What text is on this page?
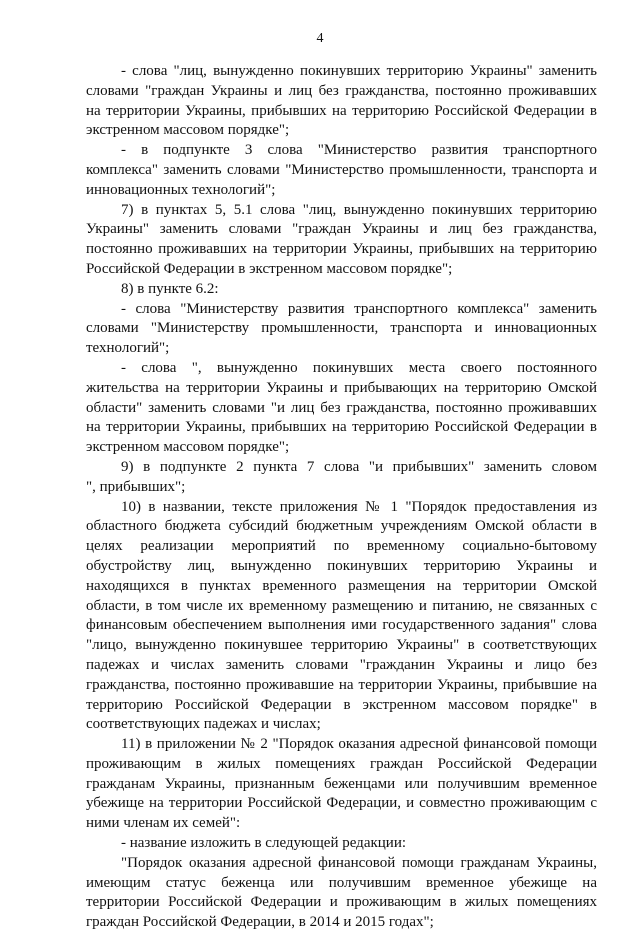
4
- слова "лиц, вынужденно покинувших территорию Украины" заменить
словами "граждан Украины и лиц без гражданства, постоянно проживавших
на территории Украины, прибывших на территорию Российской Федерации в
экстренном массовом порядке";
- в подпункте 3 слова "Министерство развития транспортного
комплекса" заменить словами "Министерство промышленности, транспорта и
инновационных технологий";
7) в пунктах 5, 5.1 слова "лиц, вынужденно покинувших территорию
Украины" заменить словами "граждан Украины и лиц без гражданства,
постоянно проживавших на территории Украины, прибывших на территорию
Российской Федерации в экстренном массовом порядке";
8) в пункте 6.2:
- слова "Министерству развития транспортного комплекса" заменить
словами "Министерству промышленности, транспорта и инновационных
технологий";
- слова ", вынужденно покинувших места своего постоянного
жительства на территории Украины и прибывающих на территорию Омской
области" заменить словами "и лиц без гражданства, постоянно проживавших
на территории Украины, прибывших на территорию Российской Федерации в
экстренном массовом порядке";
9) в подпункте 2 пункта 7 слова "и прибывших" заменить словом
", прибывших";
10) в названии, тексте приложения № 1 "Порядок предоставления из
областного бюджета субсидий бюджетным учреждениям Омской области в
целях реализации мероприятий по временному социально-бытовому
обустройству лиц, вынужденно покинувших территорию Украины и
находящихся в пунктах временного размещения на территории Омской
области, в том числе их временному размещению и питанию, не связанных с
финансовым обеспечением выполнения ими государственного задания" слова
"лицо, вынужденно покинувшее территорию Украины" в соответствующих
падежах и числах заменить словами "гражданин Украины и лицо без
гражданства, постоянно проживавшие на территории Украины, прибывшие на
территорию Российской Федерации в экстренном массовом порядке" в
соответствующих падежах и числах;
11) в приложении № 2 "Порядок оказания адресной финансовой помощи
проживающим в жилых помещениях граждан Российской Федерации
гражданам Украины, признанным беженцами или получившим временное
убежище на территории Российской Федерации, и совместно проживающим с
ними членам их семей":
- название изложить в следующей редакции:
"Порядок оказания адресной финансовой помощи гражданам Украины,
имеющим статус беженца или получившим временное убежище на
территории Российской Федерации и проживающим в жилых помещениях
граждан Российской Федерации, в 2014 и 2015 годах";
